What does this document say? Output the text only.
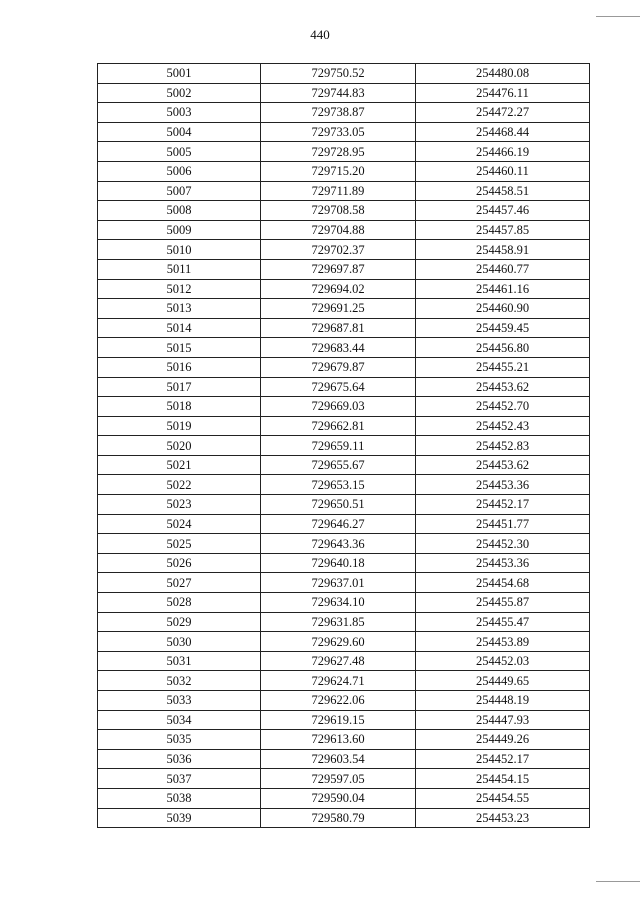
440
5001	729750.52	254480.08
5002	729744.83	254476.11
5003	729738.87	254472.27
5004	729733.05	254468.44
5005	729728.95	254466.19
5006	729715.20	254460.11
5007	729711.89	254458.51
5008	729708.58	254457.46
5009	729704.88	254457.85
5010	729702.37	254458.91
5011	729697.87	254460.77
5012	729694.02	254461.16
5013	729691.25	254460.90
5014	729687.81	254459.45
5015	729683.44	254456.80
5016	729679.87	254455.21
5017	729675.64	254453.62
5018	729669.03	254452.70
5019	729662.81	254452.43
5020	729659.11	254452.83
5021	729655.67	254453.62
5022	729653.15	254453.36
5023	729650.51	254452.17
5024	729646.27	254451.77
5025	729643.36	254452.30
5026	729640.18	254453.36
5027	729637.01	254454.68
5028	729634.10	254455.87
5029	729631.85	254455.47
5030	729629.60	254453.89
5031	729627.48	254452.03
5032	729624.71	254449.65
5033	729622.06	254448.19
5034	729619.15	254447.93
5035	729613.60	254449.26
5036	729603.54	254452.17
5037	729597.05	254454.15
5038	729590.04	254454.55
5039	729580.79	254453.23
